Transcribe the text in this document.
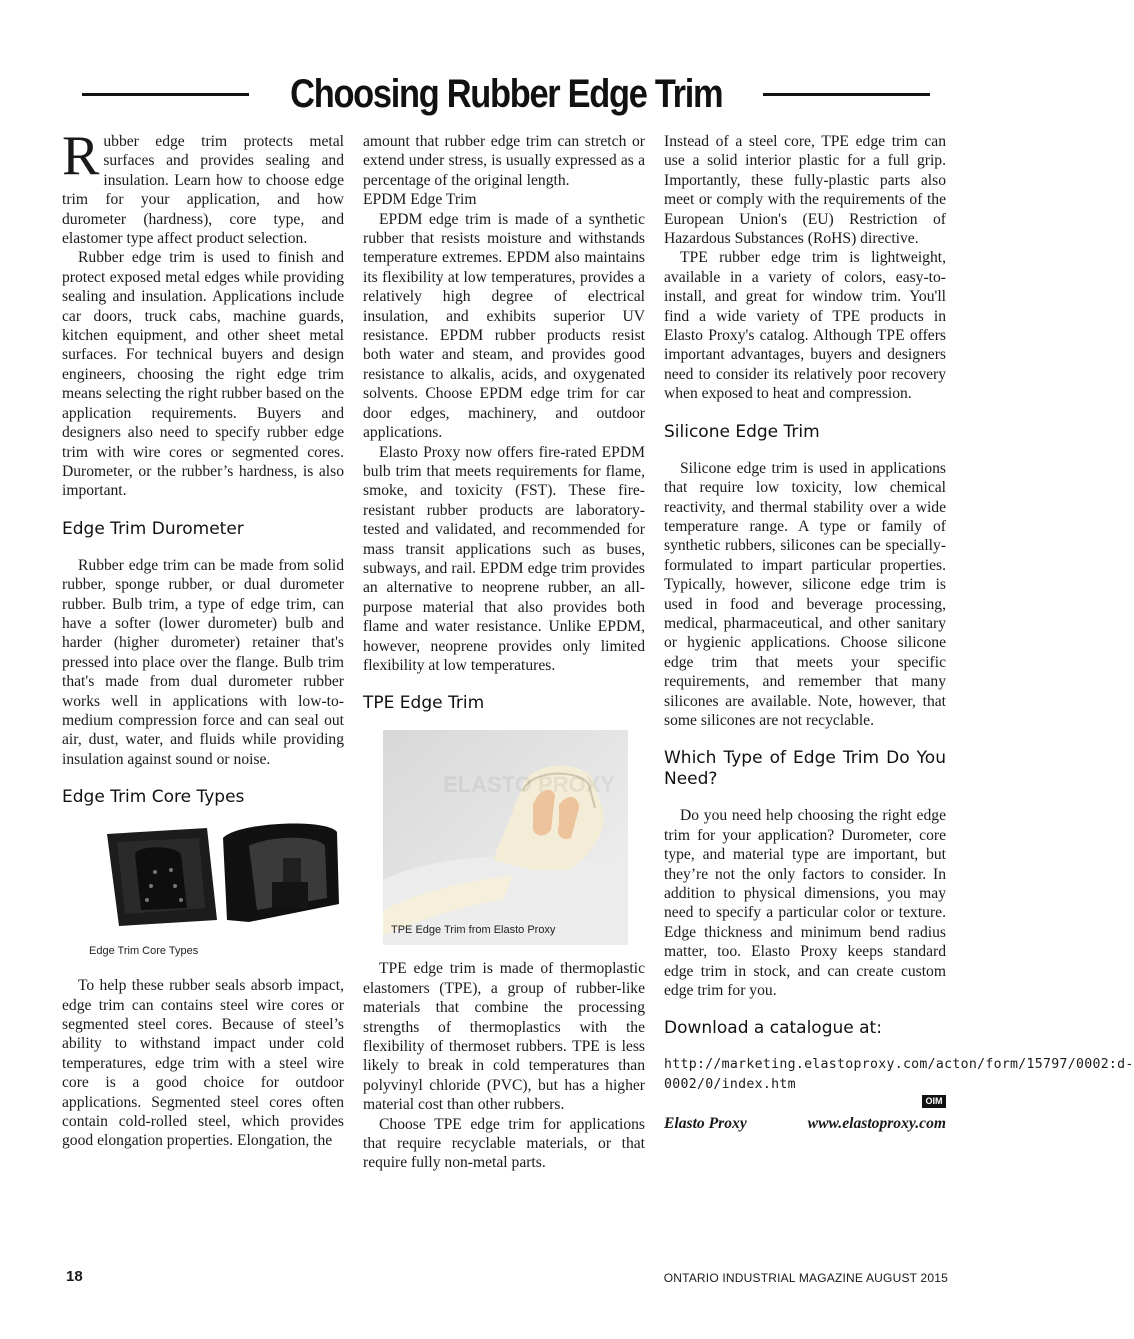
Choosing Rubber Edge Trim

Rubber edge trim protects metal surfaces and provides sealing and insulation. Learn how to choose edge trim for your application, and how durometer (hardness), core type, and elastomer type affect product selection.

Rubber edge trim is used to finish and protect exposed metal edges while providing sealing and insulation. Applications include car doors, truck cabs, machine guards, kitchen equipment, and other sheet metal surfaces. For technical buyers and design engineers, choosing the right edge trim means selecting the right rubber based on the application requirements. Buyers and designers also need to specify rubber edge trim with wire cores or segmented cores. Durometer, or the rubber’s hardness, is also important.

Edge Trim Durometer

Rubber edge trim can be made from solid rubber, sponge rubber, or dual durometer rubber. Bulb trim, a type of edge trim, can have a softer (lower durometer) bulb and harder (higher durometer) retainer that's pressed into place over the flange. Bulb trim that's made from dual durometer rubber works well in applications with low-to-medium compression force and can seal out air, dust, water, and fluids while providing insulation against sound or noise.

Edge Trim Core Types
Edge Trim Core Types

To help these rubber seals absorb impact, edge trim can contains steel wire cores or segmented steel cores. Because of steel’s ability to withstand impact under cold temperatures, edge trim with a steel wire core is a good choice for outdoor applications. Segmented steel cores often contain cold-rolled steel, which provides good elongation properties. Elongation, the

amount that rubber edge trim can stretch or extend under stress, is usually expressed as a percentage of the original length.

EPDM Edge Trim

EPDM edge trim is made of a synthetic rubber that resists moisture and withstands temperature extremes. EPDM also maintains its flexibility at low temperatures, provides a relatively high degree of electrical insulation, and exhibits superior UV resistance. EPDM rubber products resist both water and steam, and provides good resistance to alkalis, acids, and oxygenated solvents. Choose EPDM edge trim for car door edges, machinery, and outdoor applications.

Elasto Proxy now offers fire-rated EPDM bulb trim that meets requirements for flame, smoke, and toxicity (FST). These fire-resistant rubber products are laboratory-tested and validated, and recommended for mass transit applications such as buses, subways, and rail. EPDM edge trim provides an alternative to neoprene rubber, an all-purpose material that also provides both flame and water resistance. Unlike EPDM, however, neoprene provides only limited flexibility at low temperatures.

TPE Edge Trim
ELASTO PROXY
TPE Edge Trim from Elasto Proxy

TPE edge trim is made of thermoplastic elastomers (TPE), a group of rubber-like materials that combine the processing strengths of thermoplastics with the flexibility of thermoset rubbers. TPE is less likely to break in cold temperatures than polyvinyl chloride (PVC), but has a higher material cost than other rubbers.

Choose TPE edge trim for applications that require recyclable materials, or that require fully non-metal parts.

Instead of a steel core, TPE edge trim can use a solid interior plastic for a full grip. Importantly, these fully-plastic parts also meet or comply with the requirements of the European Union's (EU) Restriction of Hazardous Substances (RoHS) directive.

TPE rubber edge trim is lightweight, available in a variety of colors, easy-to-install, and great for window trim. You'll find a wide variety of TPE products in Elasto Proxy's catalog. Although TPE offers important advantages, buyers and designers need to consider its relatively poor recovery when exposed to heat and compression.

Silicone Edge Trim

Silicone edge trim is used in applications that require low toxicity, low chemical reactivity, and thermal stability over a wide temperature range. A type or family of synthetic rubbers, silicones can be specially-formulated to impart particular properties. Typically, however, silicone edge trim is used in food and beverage processing, medical, pharmaceutical, and other sanitary or hygienic applications. Choose silicone edge trim that meets your specific requirements, and remember that many silicones are available. Note, however, that some silicones are not recyclable.

Which Type of Edge Trim Do You Need?

Do you need help choosing the right edge trim for your application? Durometer, core type, and material type are important, but they’re not the only factors to consider. In addition to physical dimensions, you may need to specify a particular color or texture. Edge thickness and minimum bend radius matter, too. Elasto Proxy keeps standard edge trim in stock, and can create custom edge trim for you.

Download a catalogue at:
http://marketing.elastoproxy.com/acton/form/15797/0002:d-0002/0/index.htm
OIM
Elasto Proxy	www.elastoproxy.com
18	ONTARIO INDUSTRIAL MAGAZINE AUGUST 2015
